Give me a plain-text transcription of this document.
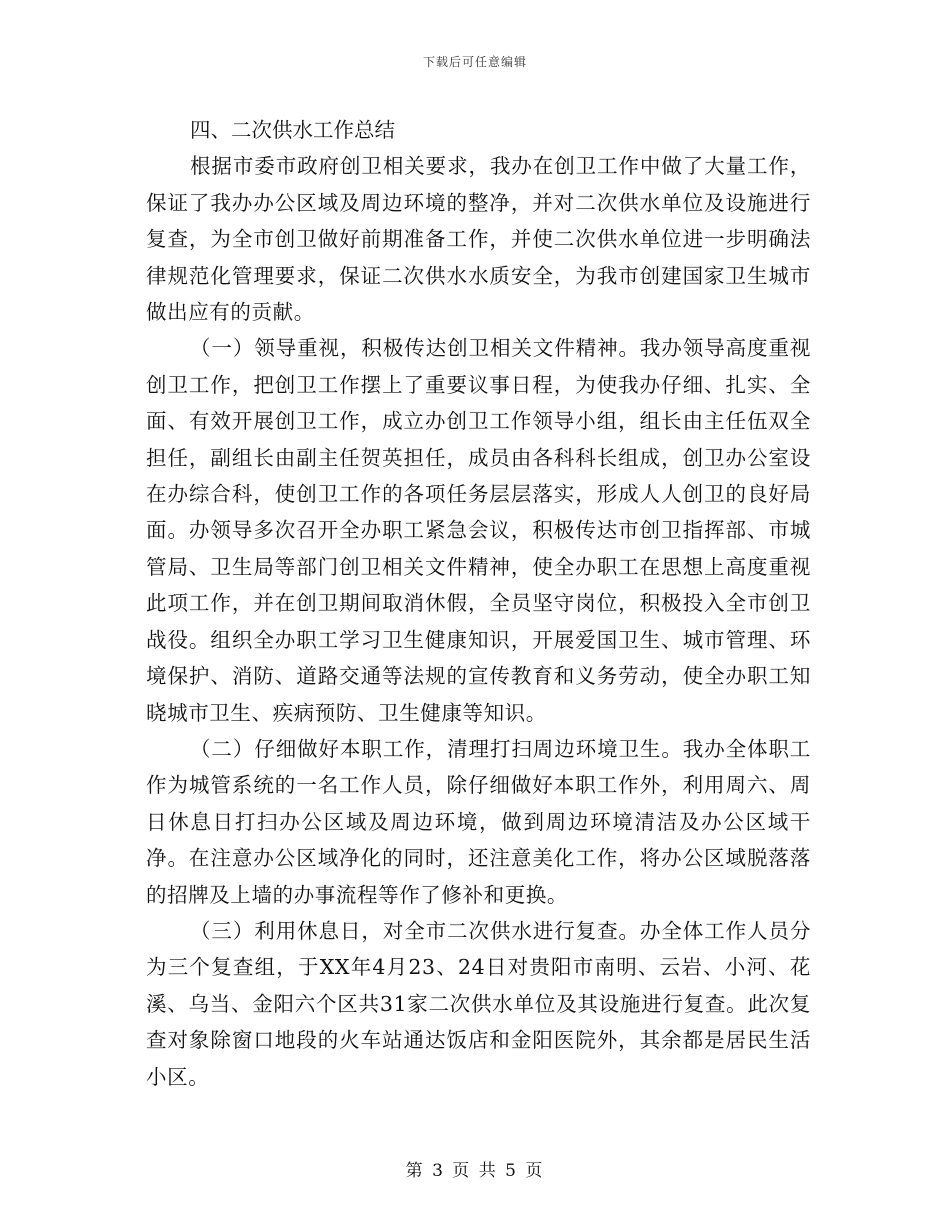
下载后可任意编辑
四、二次供水工作总结

根据市委市政府创卫相关要求，我办在创卫工作中做了大量工作，保证了我办办公区域及周边环境的整净，并对二次供水单位及设施进行复查，为全市创卫做好前期准备工作，并使二次供水单位进一步明确法律规范化管理要求，保证二次供水水质安全，为我市创建国家卫生城市做出应有的贡献。

（一）领导重视，积极传达创卫相关文件精神。我办领导高度重视创卫工作，把创卫工作摆上了重要议事日程，为使我办仔细、扎实、全面、有效开展创卫工作，成立办创卫工作领导小组，组长由主任伍双全担任，副组长由副主任贺英担任，成员由各科科长组成，创卫办公室设在办综合科，使创卫工作的各项任务层层落实，形成人人创卫的良好局面。办领导多次召开全办职工紧急会议，积极传达市创卫指挥部、市城管局、卫生局等部门创卫相关文件精神，使全办职工在思想上高度重视此项工作，并在创卫期间取消休假，全员坚守岗位，积极投入全市创卫战役。组织全办职工学习卫生健康知识，开展爱国卫生、城市管理、环境保护、消防、道路交通等法规的宣传教育和义务劳动，使全办职工知晓城市卫生、疾病预防、卫生健康等知识。

（二）仔细做好本职工作，清理打扫周边环境卫生。我办全体职工作为城管系统的一名工作人员，除仔细做好本职工作外，利用周六、周日休息日打扫办公区域及周边环境，做到周边环境清洁及办公区域干净。在注意办公区域净化的同时，还注意美化工作，将办公区域脱落落的招牌及上墙的办事流程等作了修补和更换。

（三）利用休息日，对全市二次供水进行复查。办全体工作人员分为三个复查组，于XX年4月23、24日对贵阳市南明、云岩、小河、花溪、乌当、金阳六个区共31家二次供水单位及其设施进行复查。此次复查对象除窗口地段的火车站通达饭店和金阳医院外，其余都是居民生活小区。

第 3 页 共 5 页
